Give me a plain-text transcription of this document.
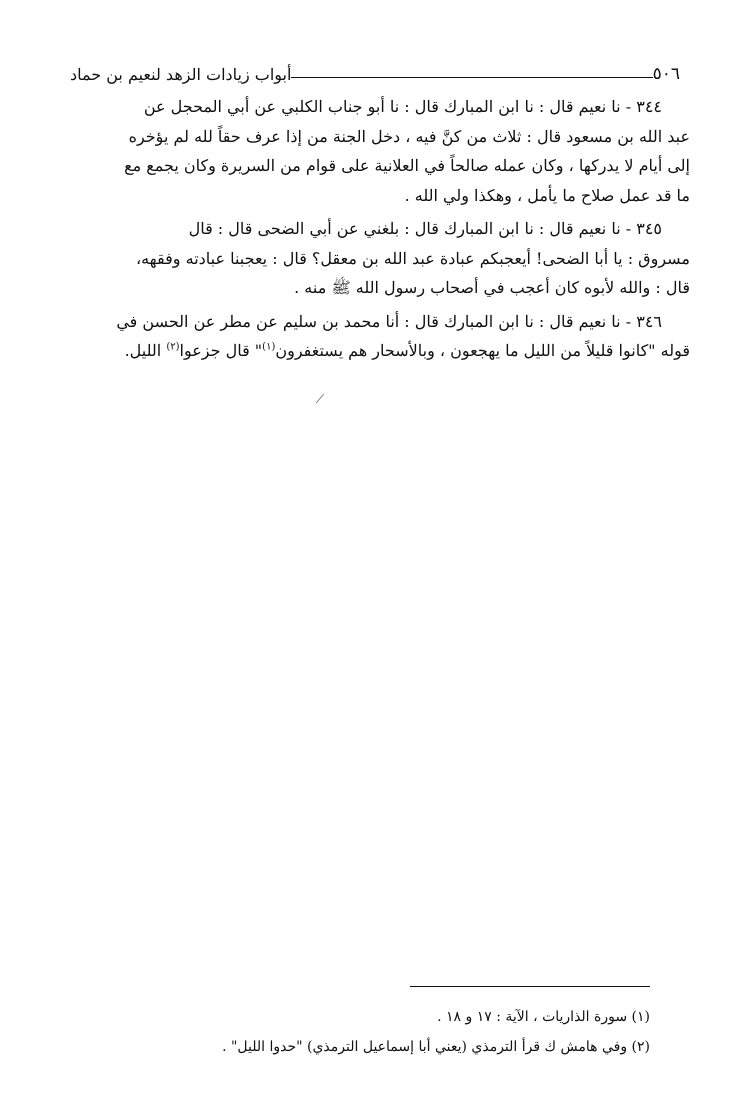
٥٠٦
أبواب زيادات الزهد لنعيم بن حماد

٣٤٤ - نا نعيم قال : نا ابن المبارك قال : نا أبو جناب الكلبي عن أبي المحجل عن
عبد الله بن مسعود قال : ثلاث من كنَّ فيه ، دخل الجنة من إذا عرف حقاً لله لم يؤخره
إلى أيام لا يدركها ، وكان عمله صالحاً في العلانية على قوام من السريرة وكان يجمع مع
ما قد عمل صلاح ما يأمل ، وهكذا ولي الله .

٣٤٥ - نا نعيم قال : نا ابن المبارك قال : بلغني عن أبي الضحى قال : قال
مسروق : يا أبا الضحى! أيعجبكم عبادة عبد الله بن معقل؟ قال : يعجبنا عبادته وفقهه،
قال : والله لأبوه كان أعجب في أصحاب رسول الله ﷺ منه .

٣٤٦ - نا نعيم قال : نا ابن المبارك قال : أنا محمد بن سليم عن مطر عن الحسن في
قوله "كانوا قليلاً من الليل ما يهجعون ، وبالأسحار هم يستغفرون$^{(١)}$" قال جزعوا$^{(٢)}$ الليل.

(١) سورة الذاريات ، الآية : ١٧ و ١٨ .
(٢) وفي هامش ك قرأ الترمذي (يعني أبا إسماعيل الترمذي) "حدوا الليل" .
